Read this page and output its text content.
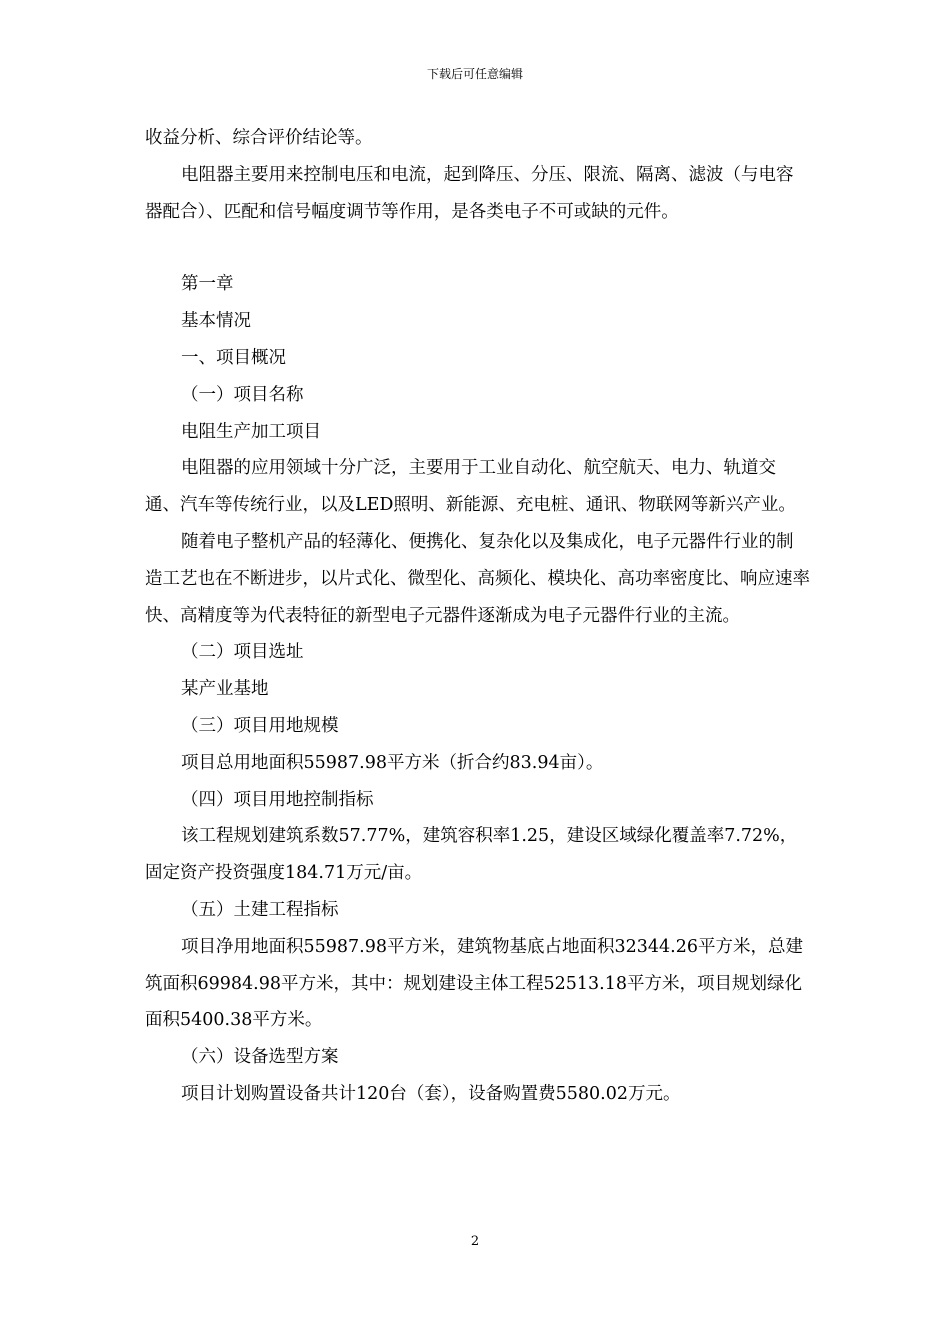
下载后可任意编辑

收益分析、综合评价结论等。

电阻器主要用来控制电压和电流，起到降压、分压、限流、隔离、滤波（与电容器配合）、匹配和信号幅度调节等作用，是各类电子不可或缺的元件。

第一章

基本情况

一、项目概况

（一）项目名称

电阻生产加工项目

电阻器的应用领域十分广泛，主要用于工业自动化、航空航天、电力、轨道交通、汽车等传统行业，以及LED照明、新能源、充电桩、通讯、物联网等新兴产业。

随着电子整机产品的轻薄化、便携化、复杂化以及集成化，电子元器件行业的制造工艺也在不断进步，以片式化、微型化、高频化、模块化、高功率密度比、响应速率快、高精度等为代表特征的新型电子元器件逐渐成为电子元器件行业的主流。

（二）项目选址

某产业基地

（三）项目用地规模

项目总用地面积55987.98平方米（折合约83.94亩）。

（四）项目用地控制指标

该工程规划建筑系数57.77%，建筑容积率1.25，建设区域绿化覆盖率7.72%，固定资产投资强度184.71万元/亩。

（五）土建工程指标

项目净用地面积55987.98平方米，建筑物基底占地面积32344.26平方米，总建筑面积69984.98平方米，其中：规划建设主体工程52513.18平方米，项目规划绿化面积5400.38平方米。

（六）设备选型方案

项目计划购置设备共计120台（套），设备购置费5580.02万元。

2
